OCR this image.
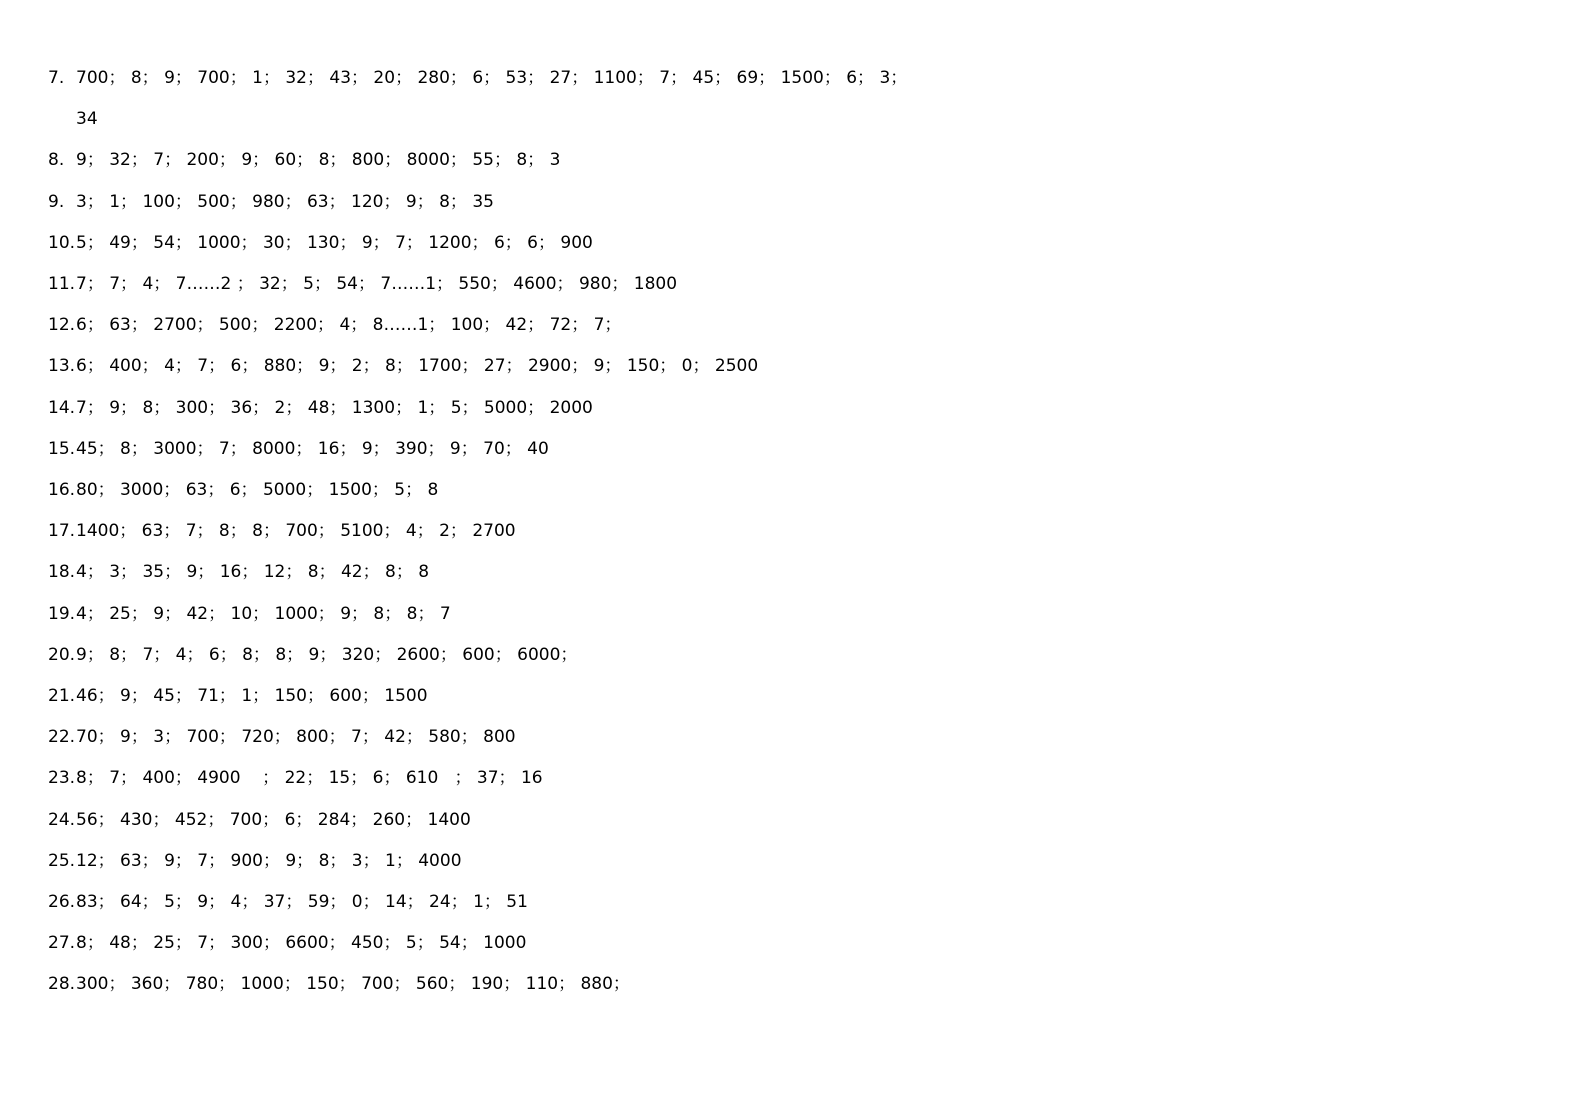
7. 700； 8； 9； 700； 1； 32； 43； 20； 280； 6； 53； 27； 1100； 7； 45； 69； 1500； 6； 3；
34
8. 9； 32； 7； 200； 9； 60； 8； 800； 8000； 55； 8； 3
9. 3； 1； 100； 500； 980； 63； 120； 9； 8； 35
10. 5； 49； 54； 1000； 30； 130； 9； 7； 1200； 6； 6； 900
11. 7； 7； 4； 7……2 ； 32； 5； 54； 7……1； 550； 4600； 980； 1800
12. 6； 63； 2700； 500； 2200； 4； 8……1； 100； 42； 72； 7；
13. 6； 400； 4； 7； 6； 880； 9； 2； 8； 1700； 27； 2900； 9； 150； 0； 2500
14. 7； 9； 8； 300； 36； 2； 48； 1300； 1； 5； 5000； 2000
15. 45； 8； 3000； 7； 8000； 16； 9； 390； 9； 70； 40
16. 80； 3000； 63； 6； 5000； 1500； 5； 8
17. 1400； 63； 7； 8； 8； 700； 5100； 4； 2； 2700
18. 4； 3； 35； 9； 16； 12； 8； 42； 8； 8
19. 4； 25； 9； 42； 10； 1000； 9； 8； 8； 7
20. 9； 8； 7； 4； 6； 8； 8； 9； 320； 2600； 600； 6000；
21. 46； 9； 45； 71； 1； 150； 600； 1500
22. 70； 9； 3； 700； 720； 800； 7； 42； 580； 800
23. 8； 7； 400； 4900    ； 22； 15； 6； 610   ； 37； 16
24. 56； 430； 452； 700； 6； 284； 260； 1400
25. 12； 63； 9； 7； 900； 9； 8； 3； 1； 4000
26. 83； 64； 5； 9； 4； 37； 59； 0； 14； 24； 1； 51
27. 8； 48； 25； 7； 300； 6600； 450； 5； 54； 1000
28. 300； 360； 780； 1000； 150； 700； 560； 190； 110； 880；
